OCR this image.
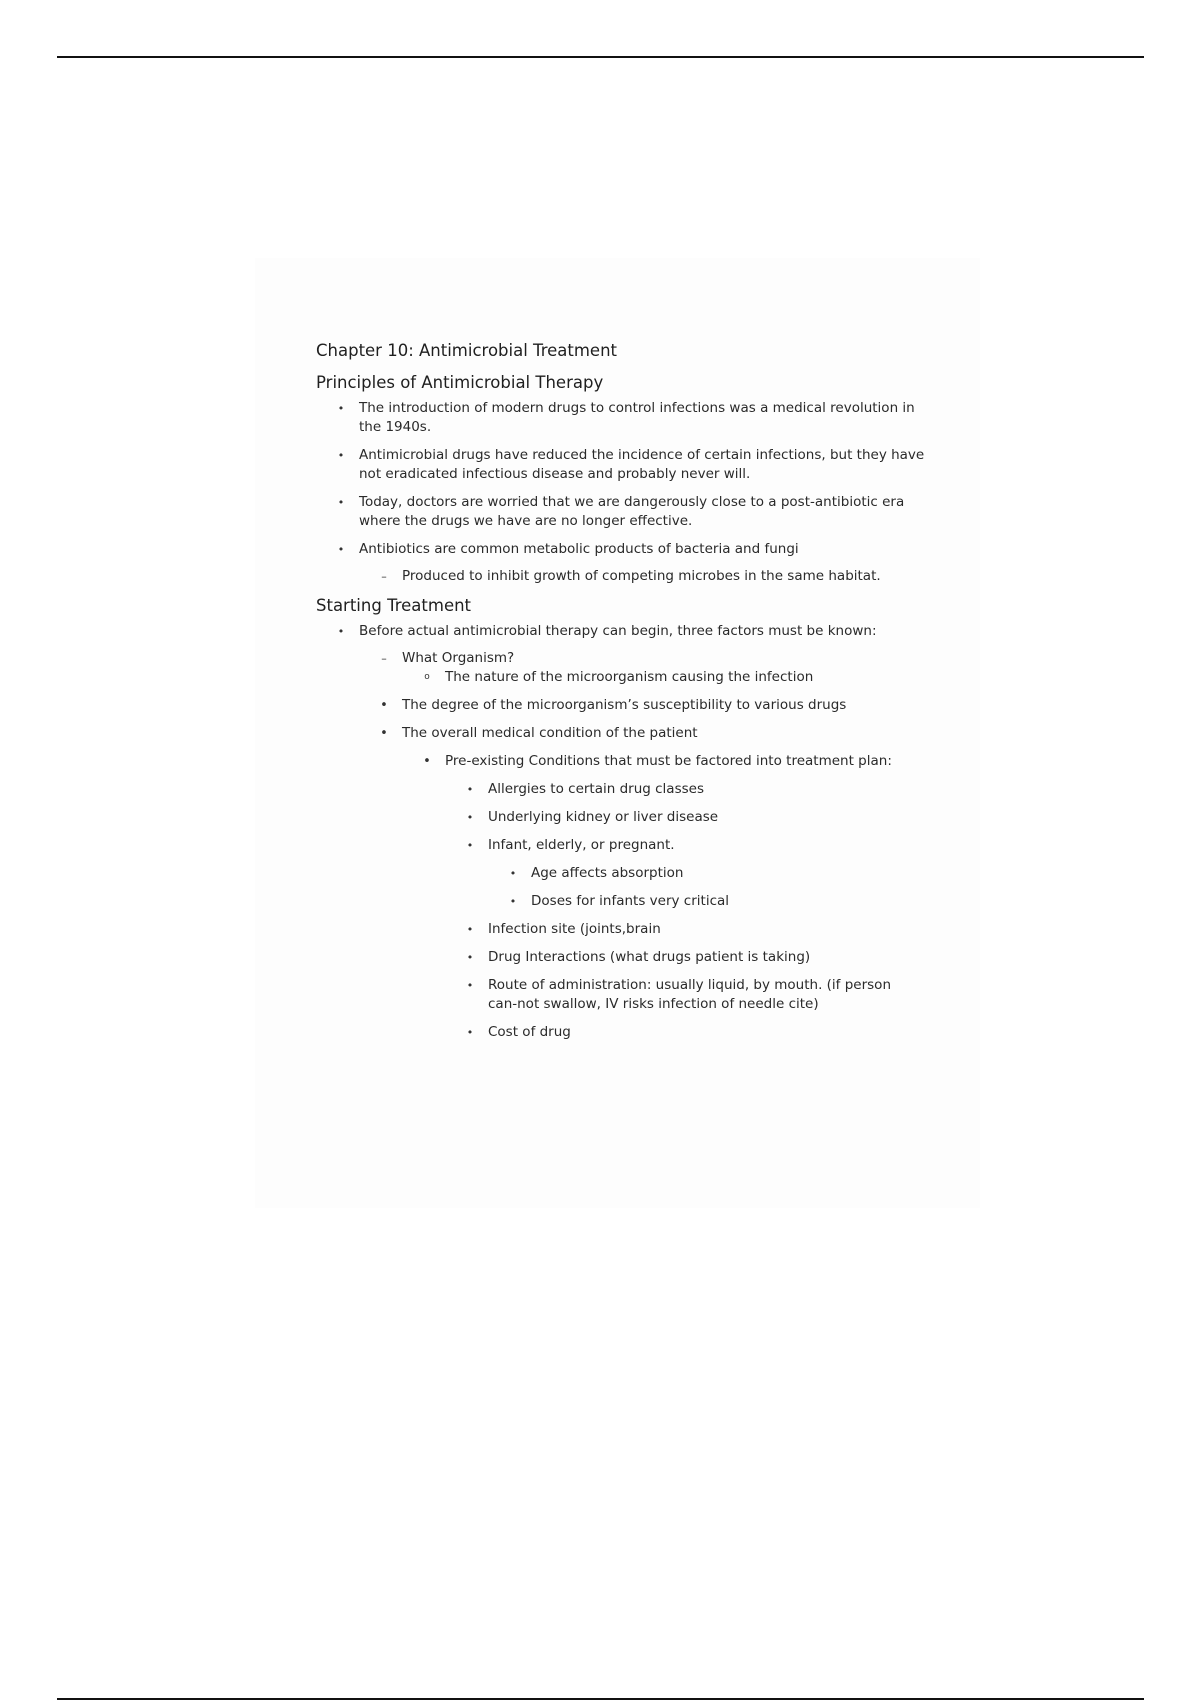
Chapter 10: Antimicrobial Treatment
Principles of Antimicrobial Therapy
•	The introduction of modern drugs to control infections was a medical revolution in the 1940s.
•	Antimicrobial drugs have reduced the incidence of certain infections, but they have not eradicated infectious disease and probably never will.
•	Today, doctors are worried that we are dangerously close to a post-antibiotic era where the drugs we have are no longer effective.
•	Antibiotics are common metabolic products of bacteria and fungi
–	Produced to inhibit growth of competing microbes in the same habitat.
Starting Treatment
•	Before actual antimicrobial therapy can begin, three factors must be known:
–	What Organism?
o	The nature of the microorganism causing the infection
•	The degree of the microorganism’s susceptibility to various drugs
•	The overall medical condition of the patient
•	Pre-existing Conditions that must be factored into treatment plan:
•	Allergies to certain drug classes
•	Underlying kidney or liver disease
•	Infant, elderly, or pregnant.
•	Age affects absorption
•	Doses for infants very critical
•	Infection site (joints,brain
•	Drug Interactions (what drugs patient is taking)
•	Route of administration: usually liquid, by mouth. (if person can-not swallow, IV risks infection of needle cite)
•	Cost of drug
